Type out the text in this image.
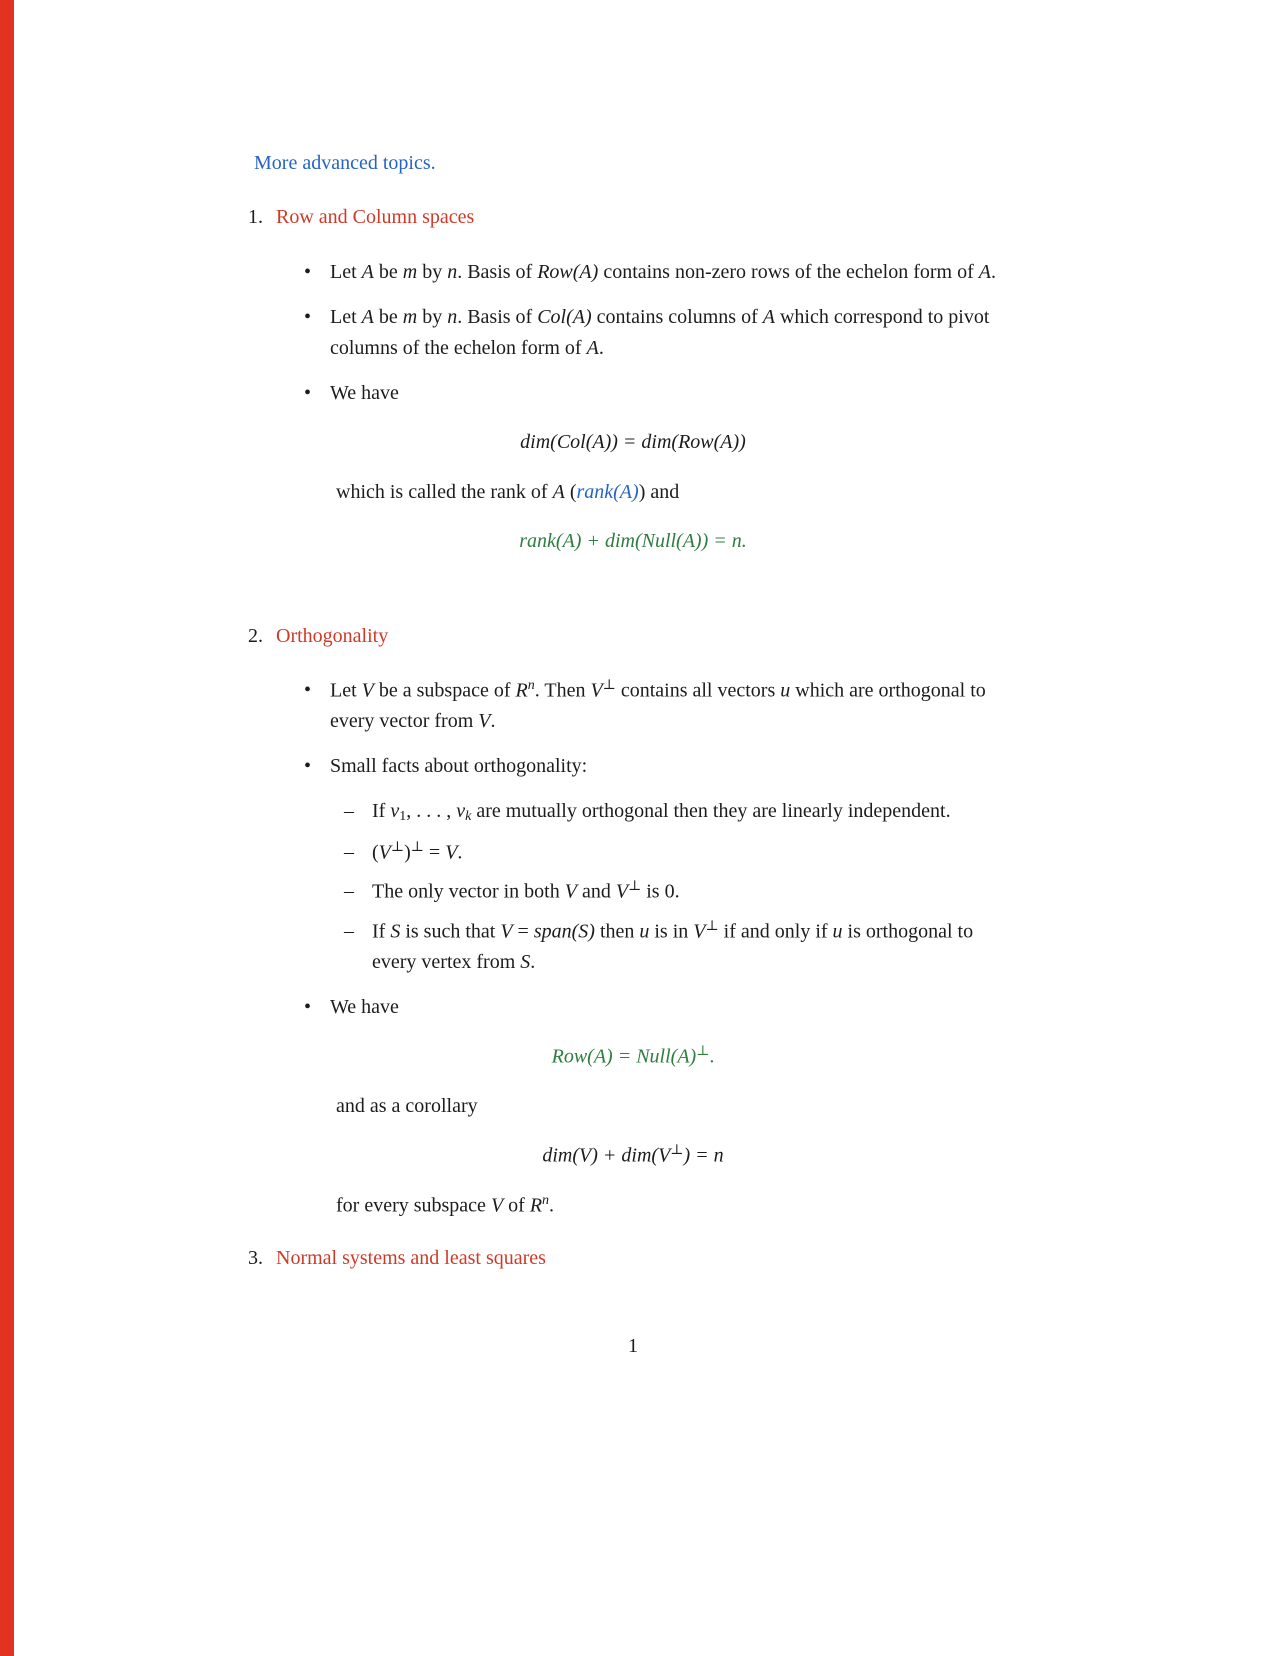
More advanced topics.

1. Row and Column spaces
• Let A be m by n. Basis of Row(A) contains non-zero rows of the echelon form of A.
• Let A be m by n. Basis of Col(A) contains columns of A which correspond to pivot columns of the echelon form of A.
• We have
dim(Col(A)) = dim(Row(A))
which is called the rank of A (rank(A)) and
rank(A) + dim(Null(A)) = n.
2. Orthogonality
• Let V be a subspace of $R^n$. Then V⊥ contains all vectors u which are orthogonal to every vector from V.
• Small facts about orthogonality:
– If $v_1$, . . . , $v_k$ are mutually orthogonal then they are linearly independent.
– (V⊥)⊥ = V.
– The only vector in both V and V⊥ is 0.
– If S is such that V = span(S) then u is in V⊥ if and only if u is orthogonal to every vertex from S.
• We have
Row(A) = Null(A)⊥.
and as a corollary
dim(V) + dim(V⊥) = n
for every subspace V of $R^n$.
3. Normal systems and least squares
1
